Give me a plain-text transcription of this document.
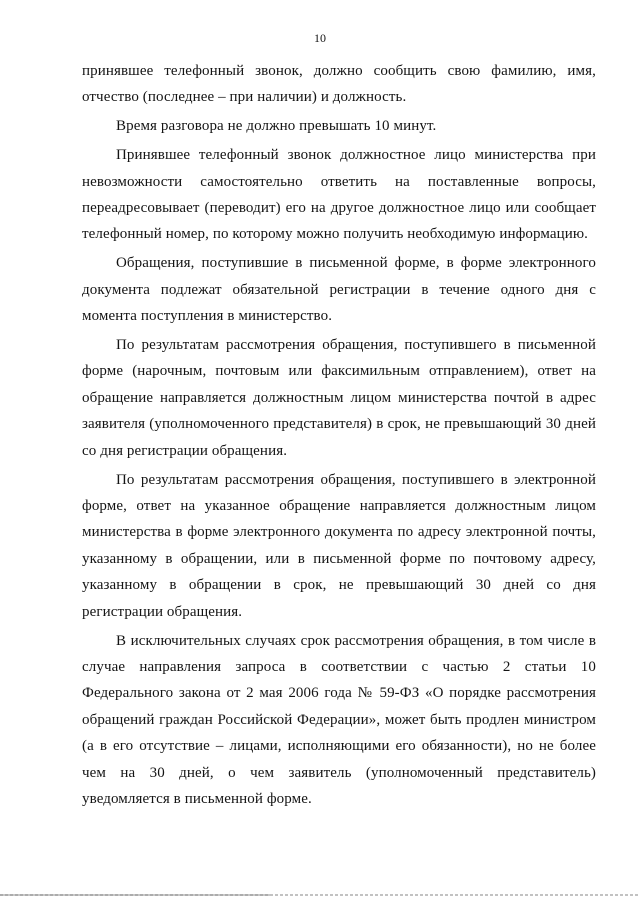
10

принявшее телефонный звонок, должно сообщить свою фамилию, имя, отчество (последнее – при наличии) и должность.

Время разговора не должно превышать 10 минут.

Принявшее телефонный звонок должностное лицо министерства при невозможности самостоятельно ответить на поставленные вопросы, переадресовывает (переводит) его на другое должностное лицо или сообщает телефонный номер, по которому можно получить необходимую информацию.

Обращения, поступившие в письменной форме, в форме электронного документа подлежат обязательной регистрации в течение одного дня с момента поступления в министерство.

По результатам рассмотрения обращения, поступившего в письменной форме (нарочным, почтовым или факсимильным отправлением), ответ на обращение направляется должностным лицом министерства почтой в адрес заявителя (уполномоченного представителя) в срок, не превышающий 30 дней со дня регистрации обращения.

По результатам рассмотрения обращения, поступившего в электронной форме, ответ на указанное обращение направляется должностным лицом министерства в форме электронного документа по адресу электронной почты, указанному в обращении, или в письменной форме по почтовому адресу, указанному в обращении в срок, не превышающий 30 дней со дня регистрации обращения.

В исключительных случаях срок рассмотрения обращения, в том числе в случае направления запроса в соответствии с частью 2 статьи 10 Федерального закона от 2 мая 2006 года № 59-ФЗ «О порядке рассмотрения обращений граждан Российской Федерации», может быть продлен министром (а в его отсутствие – лицами, исполняющими его обязанности), но не более чем на 30 дней, о чем заявитель (уполномоченный представитель) уведомляется в письменной форме.
